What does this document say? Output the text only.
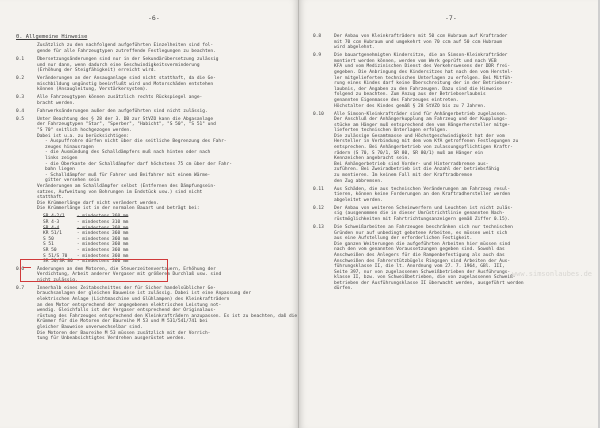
-6-
0. Allgemeine Hinweise
Zusätzlich zu den nachfolgend aufgeführten Einzelheiten sind fol-
gende für alle Fahrzeugtypen zutreffende Festlegungen zu beachten.
0.1	Übersetzungsänderungen sind nur in der Sekundärübersetzung zulässig
und nur dann, wenn dadurch eine Geschwindigkeitsverminderung
(Erhöhung der Steigfähigkeit) erreicht wird.
0.2	Veränderungen an der Ansauganlage sind nicht statthaft, da die Ge-
mischbildung ungünstig beeinflußt wird und Motorschäden entstehen
können (Ansaugleitung, Verstärkersystem).
0.3	Alle Fahrzeugtypen können zusätzlich rechts Rückspiegel ange-
bracht werden.
0.4	Fahrwerksänderungen außer den aufgeführten sind nicht zulässig.
0.5	Unter Beachtung des § 28 der 3. DB zur StVZO kann die Abgasanlage
der Fahrzeugtypen "Star", "Sperber", "Habicht", "S 50", "S 51" und
"S 70" seitlich hochgezogen werden.
Dabei ist u.a. zu berücksichtigen:
- Auspuffrohre dürfen nicht über die seitliche Begrenzung des Fahr-
zeuges hinausragen
- die Ausmündung des Schalldämpfers muß nach hinten oder nach
links zeigen
- die Oberkante der Schalldämpfer darf höchstens 75 cm über der Fahr-
bahn liegen
- Schalldämpfer muß für Fahrer und Beifahrer mit einem Wärme-
gitter versehen sein
Veränderungen am Schalldämpfer selbst (Entfernen des Dämpfungsein-
satzes, Aufweitung von Bohrungen im Endstück usw.) sind nicht
statthaft.
Die Krümmerlänge darf nicht verändert werden.
Die Krümmerlänge ist in der normalen Bauart und beträgt bei:
SR 4-2/1	- mindestens 360 mm
SR 4-3	- mindestens 310 mm
SR 4-4	- mindestens 360 mm
KR 51/1	- mindestens 360 mm
S 50	- mindestens 360 mm
S 51	- mindestens 360 mm
SR 50	- mindestens 360 mm
S 51/S 70	- mindestens 360 mm
SR 50/SR 80	- mindestens 360 mm
0.6	Änderungen an dem Motoren, die Steuerzeitenvertauern, Erhöhung der
Verdichtung, Arbeit anderer Vergaser mit größerem Durchlaß usw. sind
nicht zulässig.
0.7	Innerhalb eines Zeitabschnittes der für Sicher handelsüblicher Ge-
brauchsanlagen der gleichen Bauweise ist zulässig. Dabei ist eine Anpassung der
elektrischen Anlage (Lichtmaschine und Glühlampen) des Kleinkrafträdern
an den Motor entsprechend der angegebenen elektrischen Leistung not-
wendig. Gleichfalls ist der Vergaser entsprechend der Originalaus-
rüstung des Fahrzeuges entsprechend den Kleinkrafträdern anzupassen. Es ist zu beachten, daß die
Krümmer für die Motoren der Baureihe M 53 und M 531/541/741 bei
gleicher Bauweise unverwechselbar sind.
Die Motoren der Baureihe M 53 müssen zusätzlich mit der Vorrich-
tung für Unbeabsichtigtes Verdrehen ausgerüstet werden.
-7-
0.8	Der Anbau von Kleinkrafträdern mit 50 ccm Hubraum auf Kraftrader
mit 70 ccm Hubraum und umgekehrt von 70 ccm auf 50 ccm Hubraum
wird abgelehnt.
0.9	Die bauartgenehmigten Kindersitze, die an Simson-Kleinkrafträder
montiert werden können, werden vom Werk geprüft und nach VEB
KFA und vom Medizinischen Dienst des Verkehrswesens der DDR frei-
gegeben. Die Anbringung des Kindersitzes hat nach den vom Herstel-
ler mitgelieferten technischen Unterlagen zu erfolgen. Bei Mitfüh-
rung eines Kindes darf keine Überschreitung der in der Betriebser-
laubnis, der Angaben zu den Fahrzeugen. Dazu sind die Hinweise
folgend zu beachten. Zum Anzug aus der Betriebserlaubnis
genannten Eigenmasse des Fahrzeuges eintreten.
Höchstalter des Kindes gemäß § 28 StVZO bis zu 7 Jahren.
0.10 Alle Simson-Kleinkrafträder sind für Anhängerbetrieb zugelassen.
Der Anschluß der Anhängerkupplung am Fahrzeug und der Kupplungs-
stücke am Hänger muß entsprechend den vom Hängerhersteller mitge-
lieferten technischen Unterlagen erfolgen.
Die zulässige Gesamtmasse und Höchstgeschwindigkeit hat der vom
Hersteller in Verbindung mit dem vom KfA getroffenen Festlegungen zu
entsprechen. Bei Anhängerbetrieb von zulassungspflichtigen Kraftr-
rädern (S 70, S 70/1, SR 80, SR 80/1) muß am Hänger ein
Kennzeichen angebracht sein.
Bei Anhängerbetrieb sind Vorder- und Hinterradbremse aus-
zuführen. Bei Zweiradbetrieb ist die Anzahl der betriebsfähig
zu montieren. Im keinem Fall mit der Kraftradbremse
den Zug abbremsen.
0.11 Aus Schäden, die aus technischen Veränderungen am Fahrzeug resul-
tieren, können keine Forderungen an den Kraftradhersteller werden
abgeleitet werden.
0.12 Der Anbau von weiteren Scheinwerfern und Leuchten ist nicht zuläs-
sig (ausgenommen die in dieser Umrüstrichtlinie genannten Nach-
rüstmöglichkeiten mit Fahrtrichtungsanzeigern gemäß Ziffer 0.15).
0.13 Die Schweißarbeiten an Fahrzeugen beschränken sich nur technischen
Gründen nur auf unbedingt gebotene Arbeiten, es müssen weit sich
aus eine Aufstellung der erforderlichen Festigkeit.
Die ganzen Weiterungen die aufgeführten Arbeiten hier müssen sind
nach den vom genannten Voraussetzungen gegeben sind. Sowohl das
Anschweißen des Anlegers für die Rampenbefestigung als auch das
Anschweißen des Fahrerstützbügels Ringsgen sind Arbeiten der Aus-
führungsklasse II, die lt. Anordnung vom 27. 7. 1964, GBl. III,
Seite 397, nur von zugelassenen Schweißbetrieben der Ausführungs-
klasse II, bzw. von Schweißbetrieben, die von zugelassenen Schweiß-
betrieben der Ausführungsklasse II überwacht werden, ausgeführt werden
dürfen.
www.simsonlaubes.de
